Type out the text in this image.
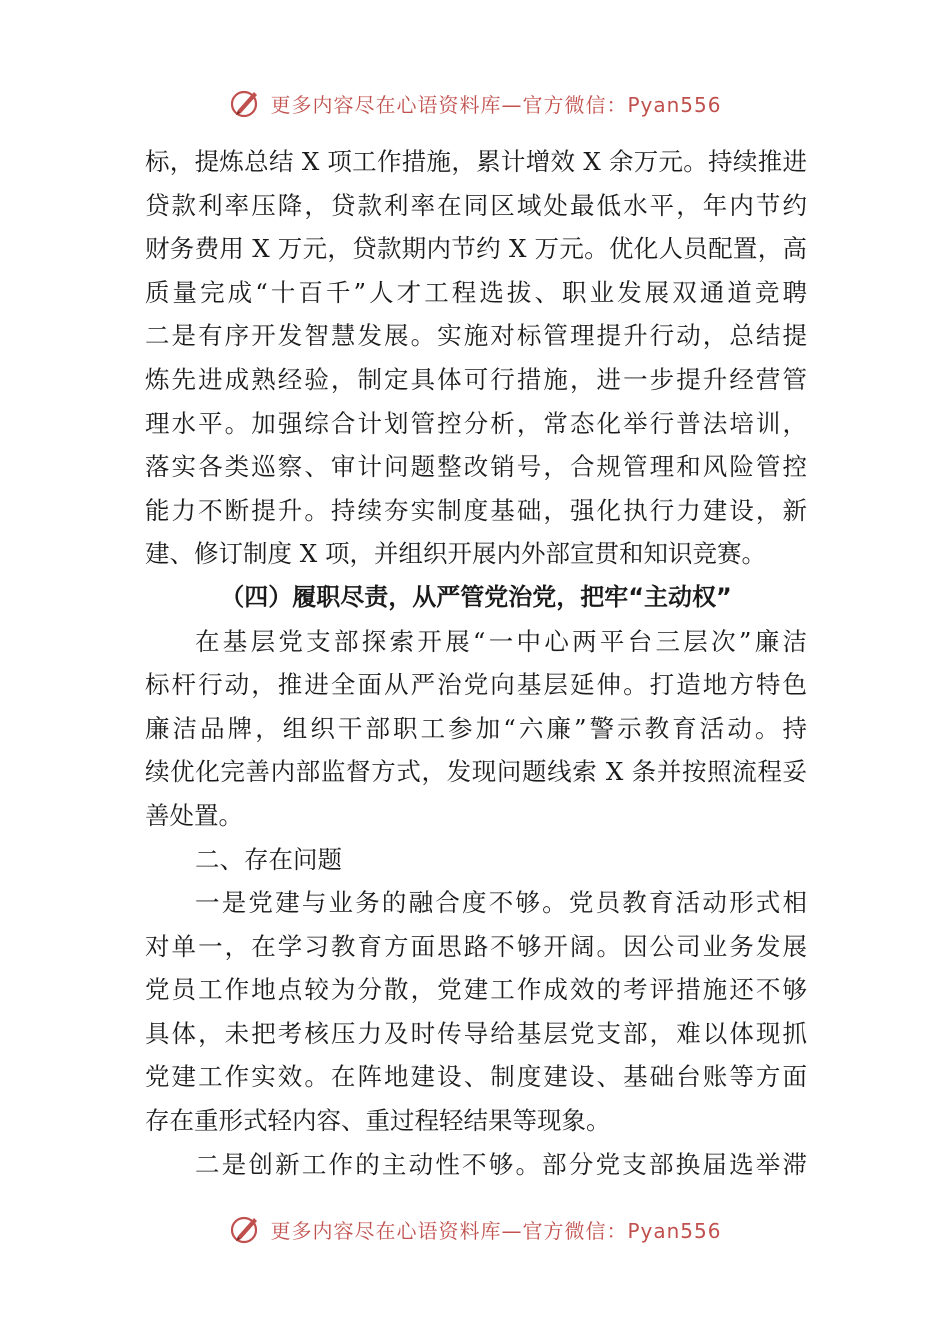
更多内容尽在心语资料库—官方微信：Pyan556
标，提炼总结 X 项工作措施，累计增效 X 余万元。持续推进
贷款利率压降，贷款利率在同区域处最低水平，年内节约
财务费用 X 万元，贷款期内节约 X 万元。优化人员配置，高
质量完成“十百千”人才工程选拔、职业发展双通道竞聘
二是有序开发智慧发展。实施对标管理提升行动，总结提
炼先进成熟经验，制定具体可行措施，进一步提升经营管
理水平。加强综合计划管控分析，常态化举行普法培训，
落实各类巡察、审计问题整改销号，合规管理和风险管控
能力不断提升。持续夯实制度基础，强化执行力建设，新
建、修订制度 X 项，并组织开展内外部宣贯和知识竞赛。
（四）履职尽责，从严管党治党，把牢“主动权”
在基层党支部探索开展“一中心两平台三层次”廉洁
标杆行动，推进全面从严治党向基层延伸。打造地方特色
廉洁品牌，组织干部职工参加“六廉”警示教育活动。持
续优化完善内部监督方式，发现问题线索 X 条并按照流程妥
善处置。
二、存在问题
一是党建与业务的融合度不够。党员教育活动形式相
对单一，在学习教育方面思路不够开阔。因公司业务发展
党员工作地点较为分散，党建工作成效的考评措施还不够
具体，未把考核压力及时传导给基层党支部，难以体现抓
党建工作实效。在阵地建设、制度建设、基础台账等方面
存在重形式轻内容、重过程轻结果等现象。
二是创新工作的主动性不够。部分党支部换届选举滞
更多内容尽在心语资料库—官方微信：Pyan556
